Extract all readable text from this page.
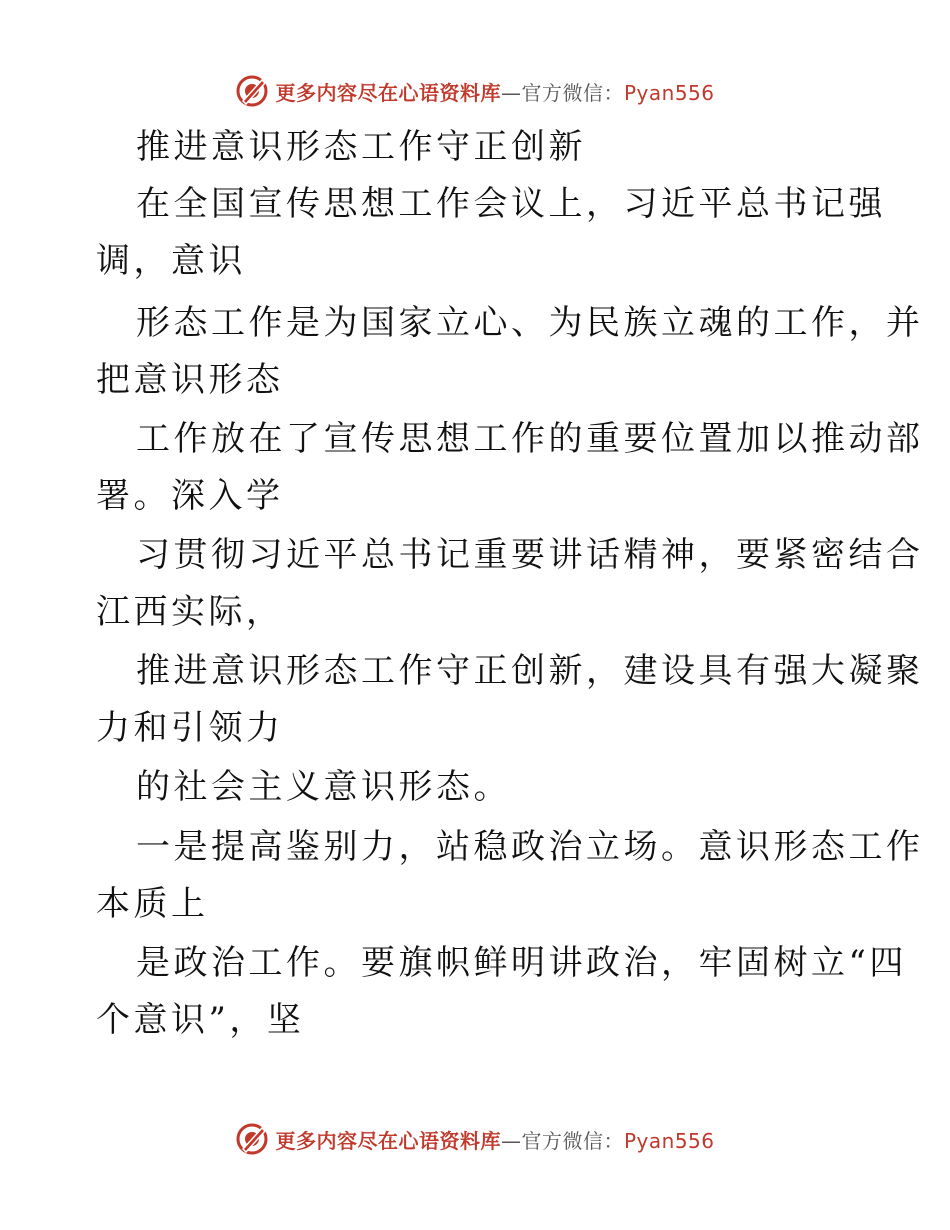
更多内容尽在心语资料库—官方微信：Pyan556
推进意识形态工作守正创新
在全国宣传思想工作会议上，习近平总书记强
调，意识
形态工作是为国家立心、为民族立魂的工作，并
把意识形态
工作放在了宣传思想工作的重要位置加以推动部
署。深入学
习贯彻习近平总书记重要讲话精神，要紧密结合
江西实际，
推进意识形态工作守正创新，建设具有强大凝聚
力和引领力
的社会主义意识形态。
一是提高鉴别力，站稳政治立场。意识形态工作
本质上
是政治工作。要旗帜鲜明讲政治，牢固树立“四
个意识”，坚
更多内容尽在心语资料库—官方微信：Pyan556
